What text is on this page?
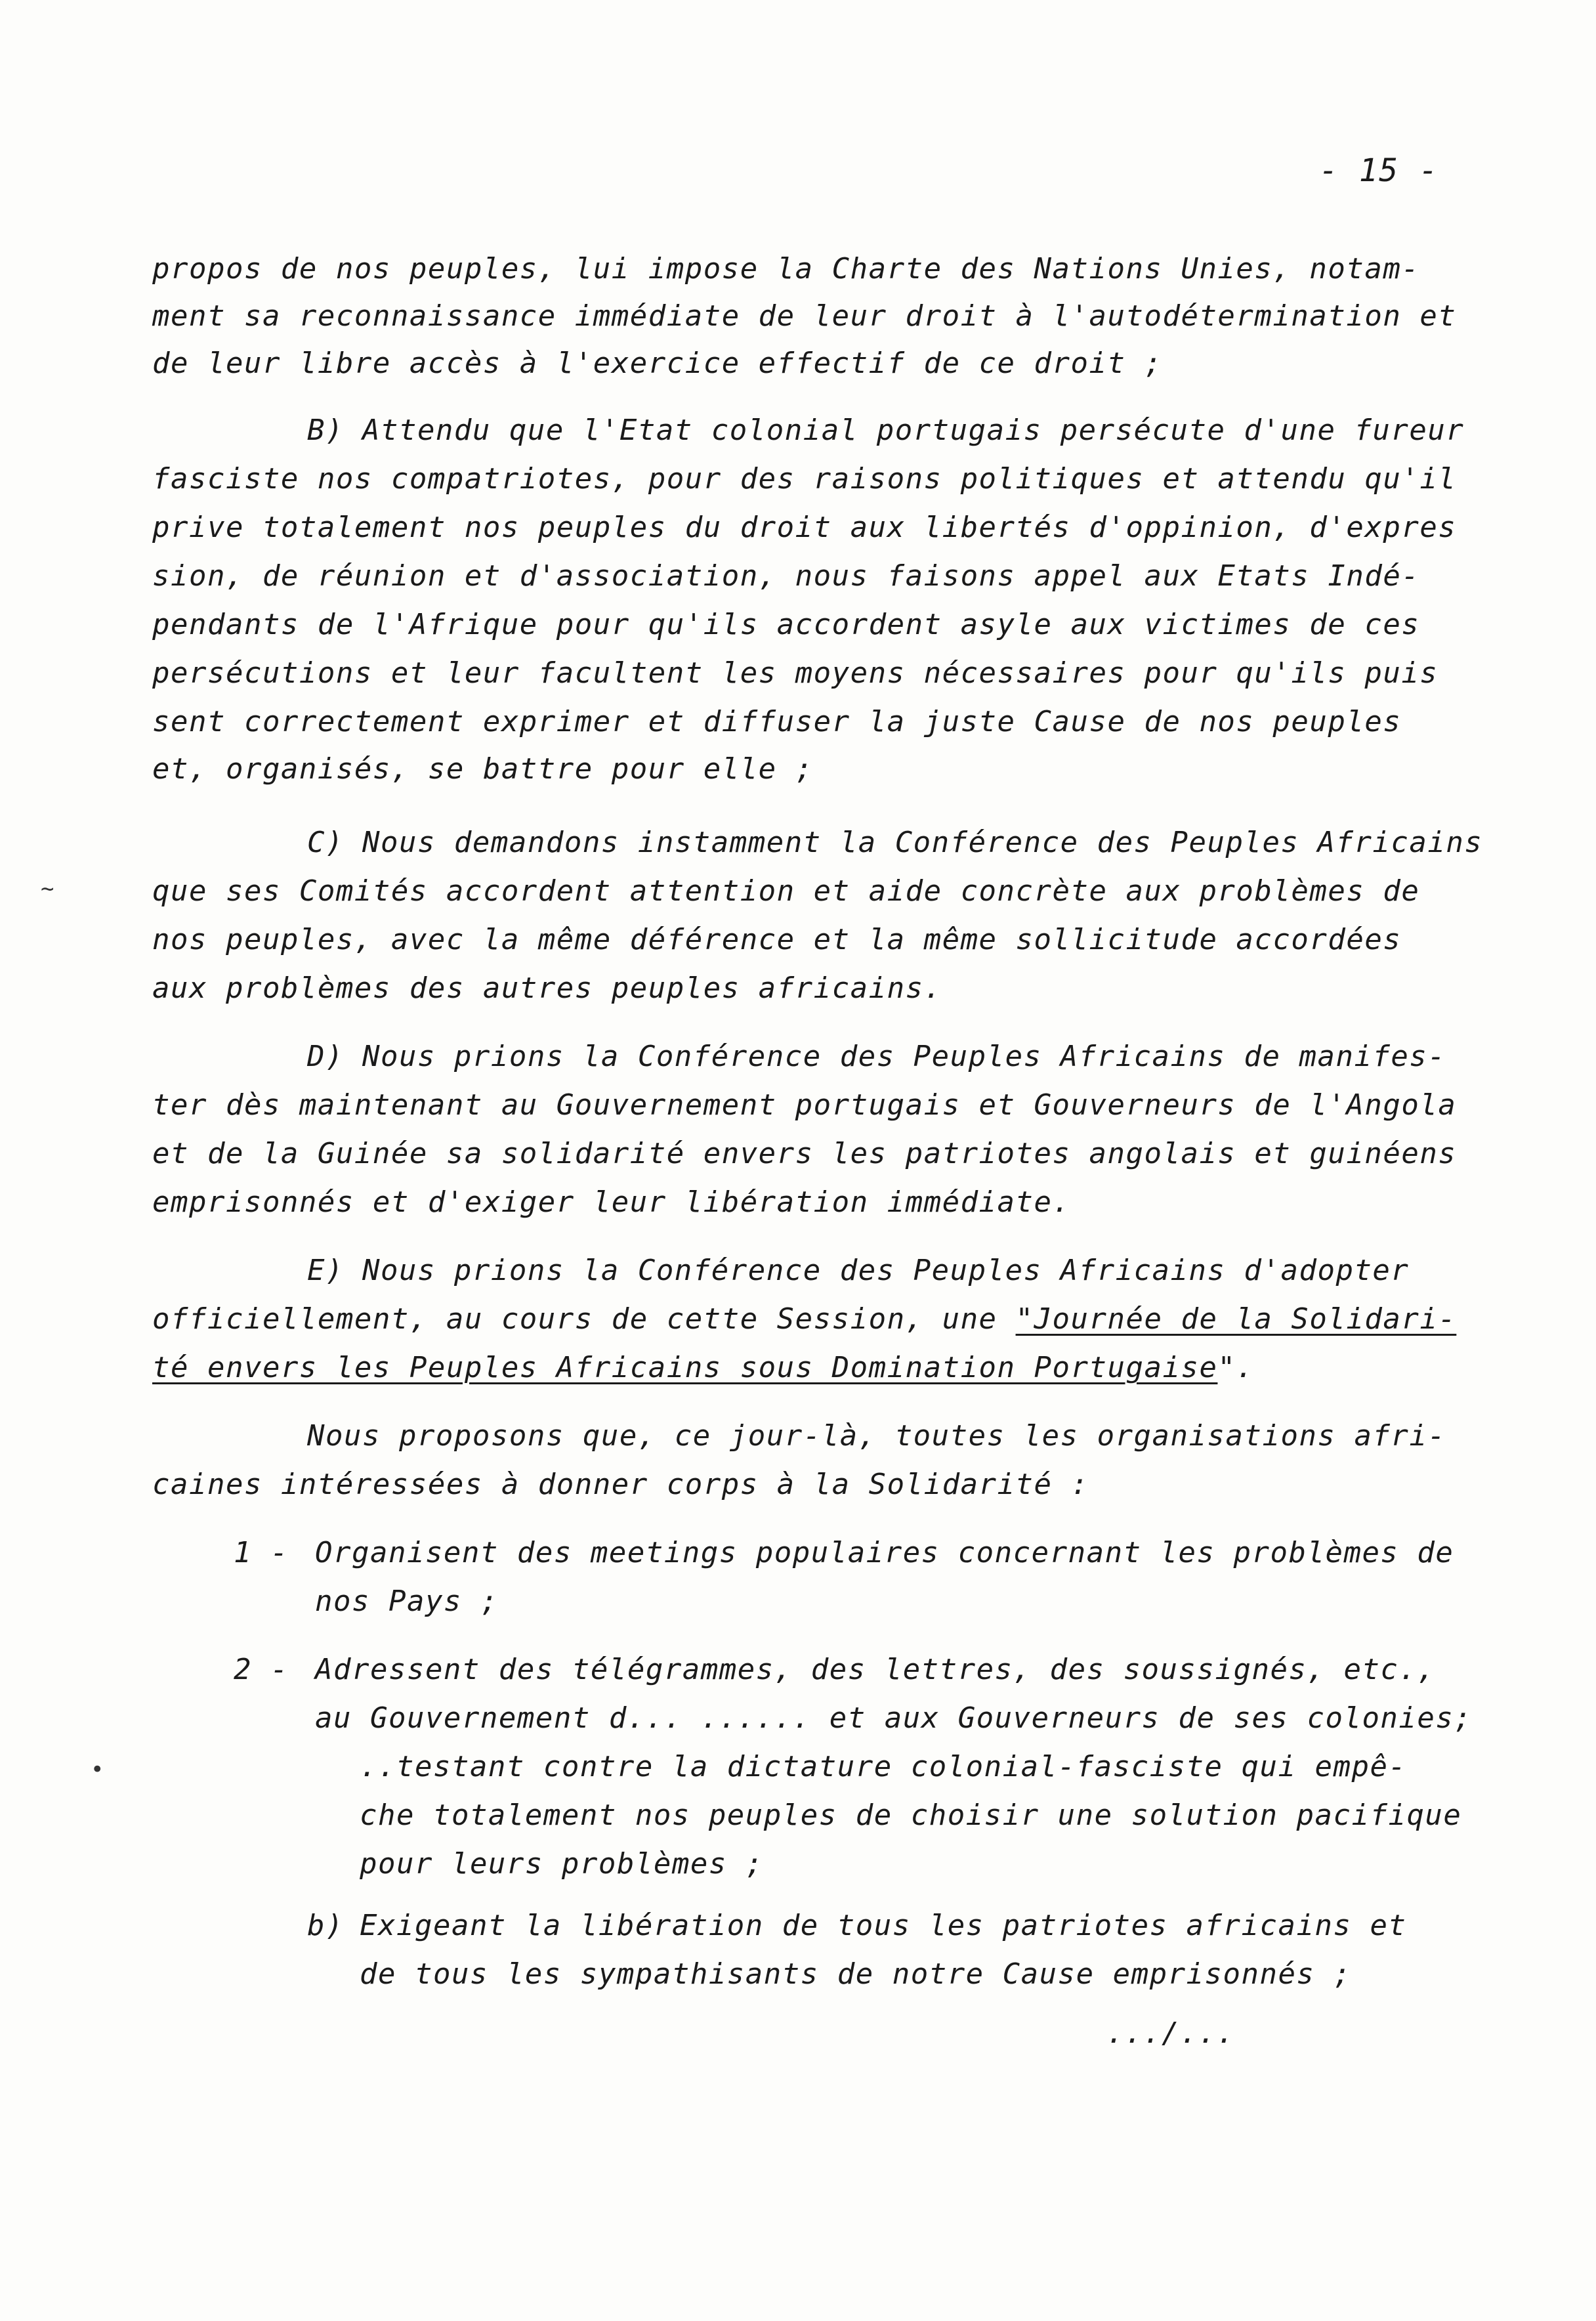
- 15 -
propos de nos peuples, lui impose la Charte des Nations Unies, notam-
ment sa reconnaissance immédiate de leur droit à l'autodétermination et
de leur libre accès à l'exercice effectif de ce droit ;
B) Attendu que l'Etat colonial portugais persécute d'une fureur
fasciste nos compatriotes, pour des raisons politiques et attendu qu'il
prive totalement nos peuples du droit aux libertés d'oppinion, d'expres
sion, de réunion et d'association, nous faisons appel aux Etats Indé-
pendants de l'Afrique pour qu'ils accordent asyle aux victimes de ces
persécutions et leur facultent les moyens nécessaires pour qu'ils puis
sent correctement exprimer et diffuser la juste Cause de nos peuples
et, organisés, se battre pour elle ;
C) Nous demandons instamment la Conférence des Peuples Africains
que ses Comités accordent attention et aide concrète aux problèmes de
nos peuples, avec la même déférence et la même sollicitude accordées
aux problèmes des autres peuples africains.
D) Nous prions la Conférence des Peuples Africains de manifes-
ter dès maintenant au Gouvernement portugais et Gouverneurs de l'Angola
et de la Guinée sa solidarité envers les patriotes angolais et guinéens
emprisonnés et d'exiger leur libération immédiate.
E) Nous prions la Conférence des Peuples Africains d'adopter
officiellement, au cours de cette Session, une "Journée de la Solidari-
té envers les Peuples Africains sous Domination Portugaise".
Nous proposons que, ce jour-là, toutes les organisations afri-
caines intéressées à donner corps à la Solidarité :
1 - Organisent des meetings populaires concernant les problèmes de
nos Pays ;
2 - Adressent des télégrammes, des lettres, des soussignés, etc.,
au Gouvernement d... ...... et aux Gouverneurs de ses colonies;
..testant contre la dictature colonial-fasciste qui empê-
che totalement nos peuples de choisir une solution pacifique
pour leurs problèmes ;
b) Exigeant la libération de tous les patriotes africains et
de tous les sympathisants de notre Cause emprisonnés ;
.../...
~
•
